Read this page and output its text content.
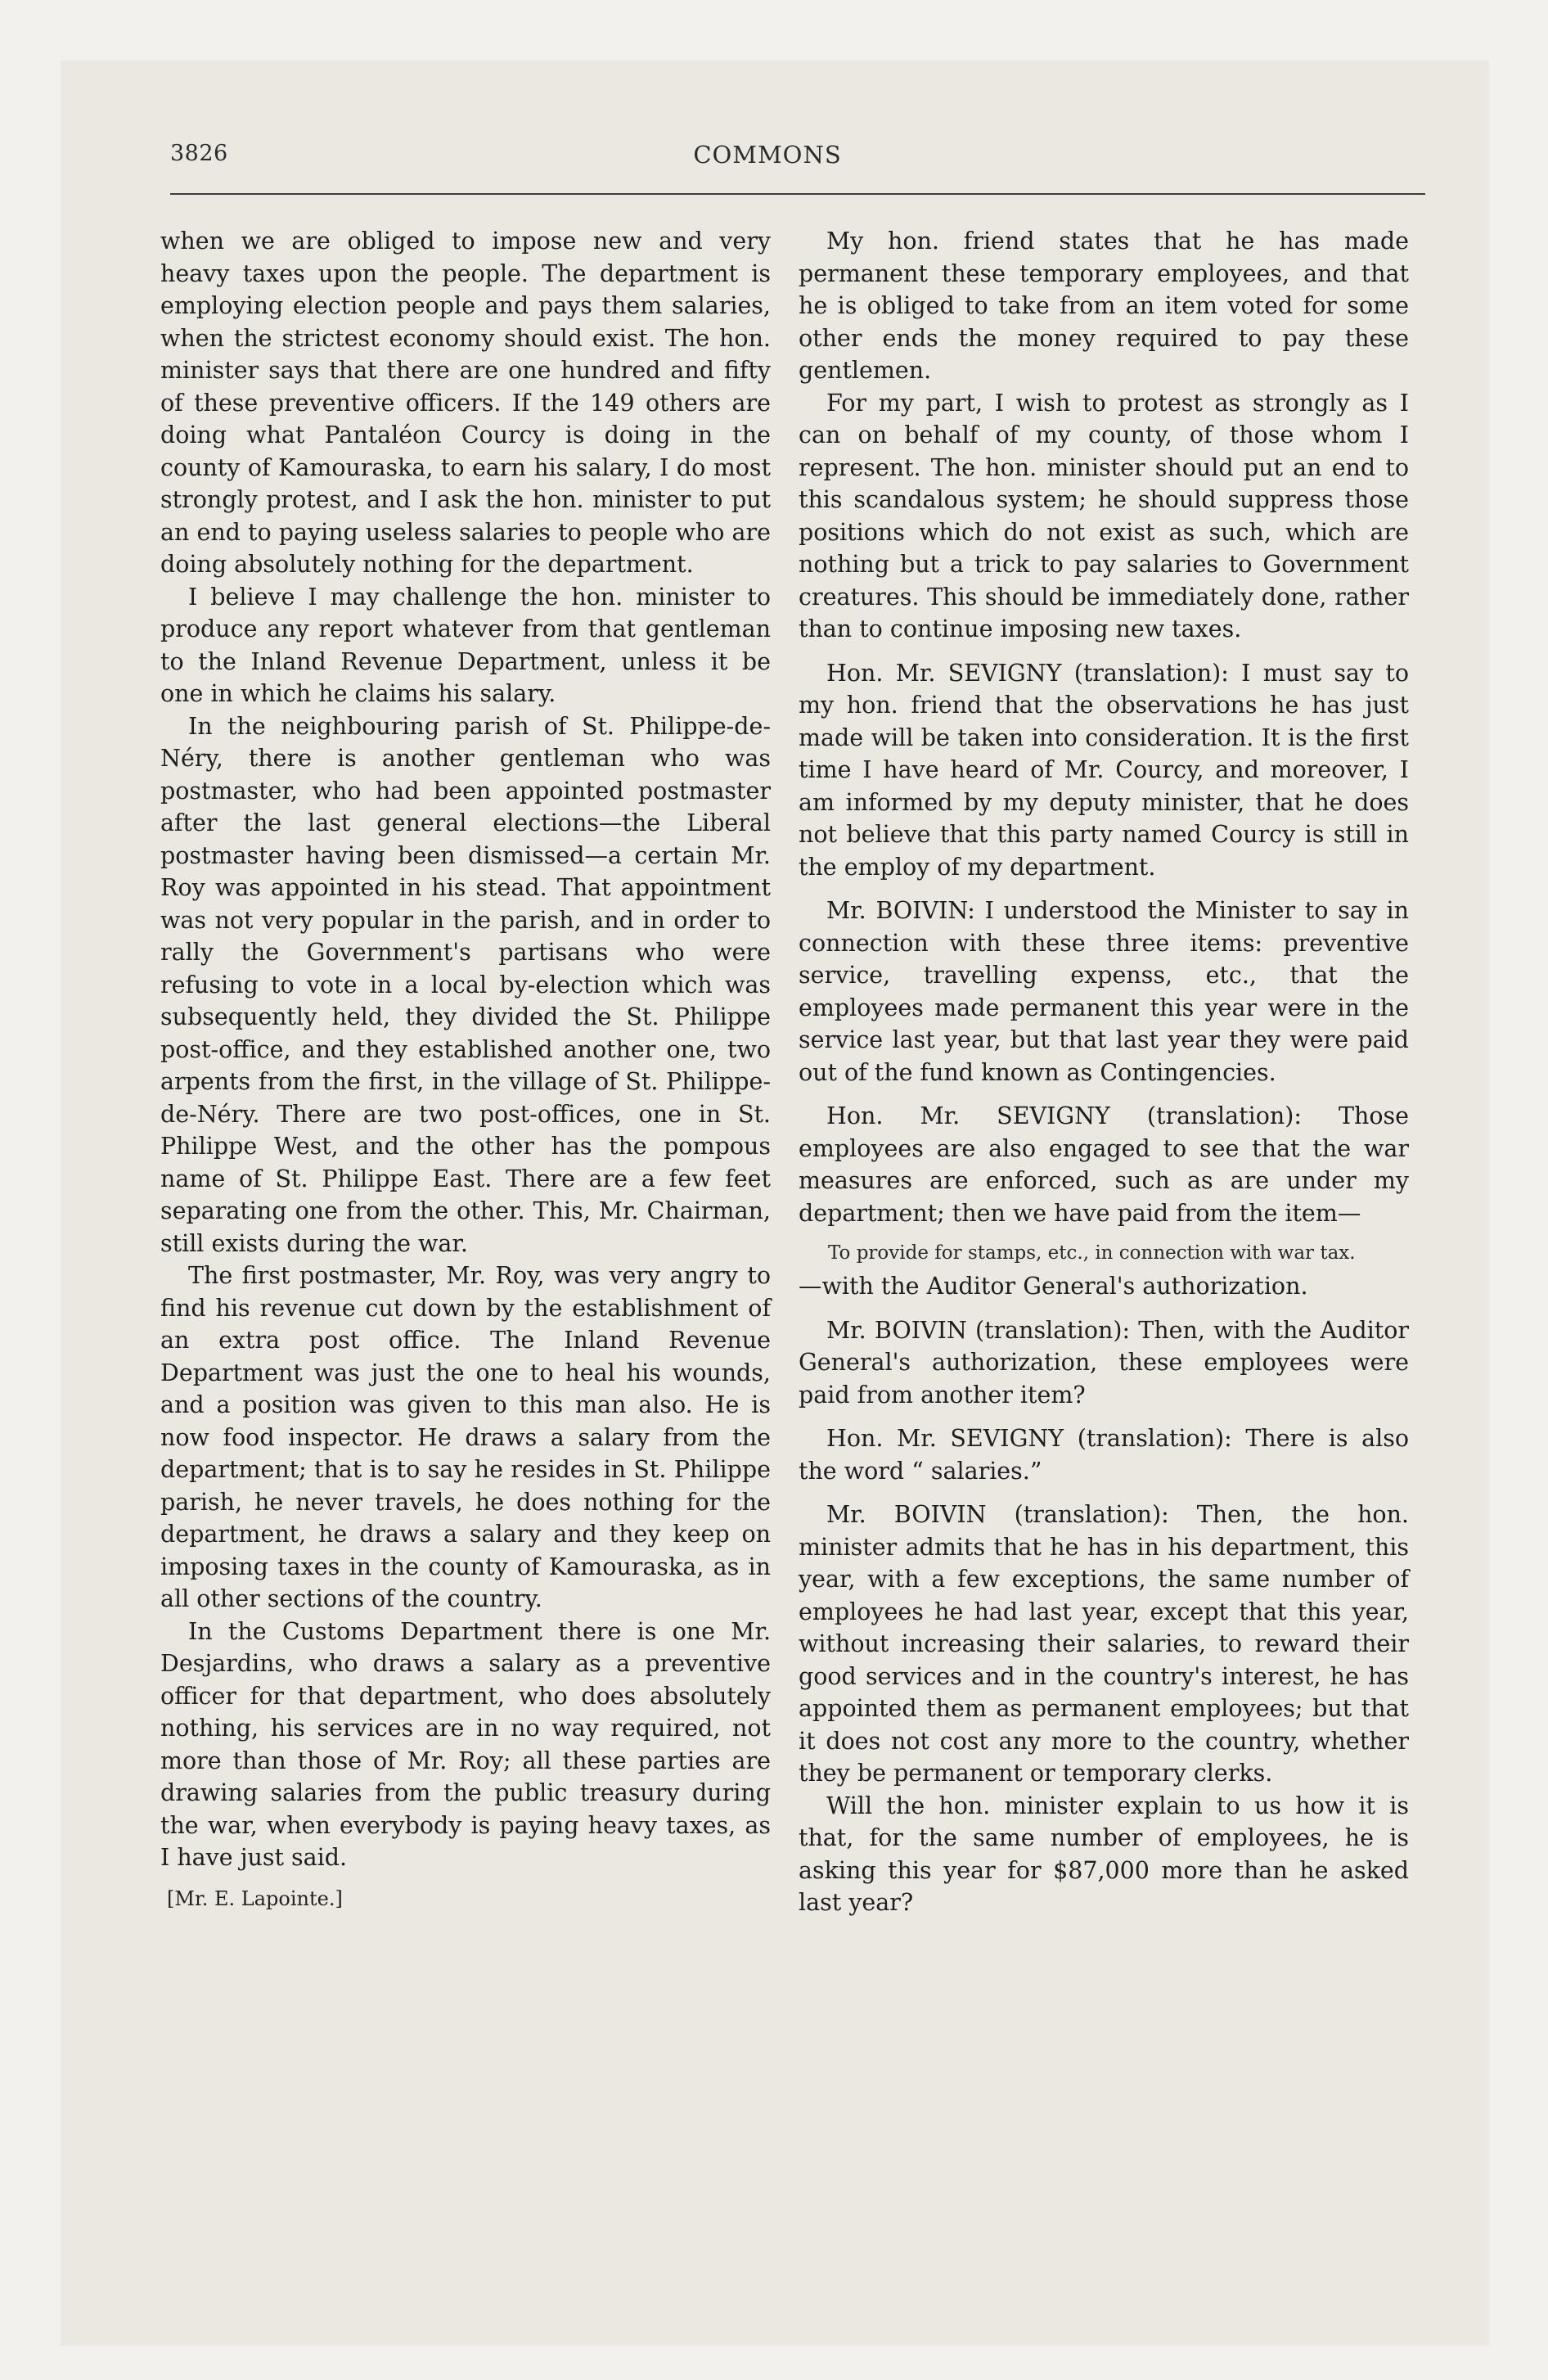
3826	COMMONS

when we are obliged to impose new and very heavy taxes upon the people. The department is employing election people and pays them salaries, when the strictest economy should exist. The hon. minister says that there are one hundred and fifty of these preventive officers. If the 149 others are doing what Pantaléon Courcy is doing in the county of Kamouraska, to earn his salary, I do most strongly protest, and I ask the hon. minister to put an end to paying useless salaries to people who are doing absolutely nothing for the department.

I believe I may challenge the hon. minister to produce any report whatever from that gentleman to the Inland Revenue Department, unless it be one in which he claims his salary.

In the neighbouring parish of St. Philippe-de-Néry, there is another gentleman who was postmaster, who had been appointed postmaster after the last general elections—the Liberal postmaster having been dismissed—a certain Mr. Roy was appointed in his stead. That appointment was not very popular in the parish, and in order to rally the Government's partisans who were refusing to vote in a local by-election which was subsequently held, they divided the St. Philippe post-office, and they established another one, two arpents from the first, in the village of St. Philippe-de-Néry. There are two post-offices, one in St. Philippe West, and the other has the pompous name of St. Philippe East. There are a few feet separating one from the other. This, Mr. Chairman, still exists during the war.

The first postmaster, Mr. Roy, was very angry to find his revenue cut down by the establishment of an extra post office. The Inland Revenue Department was just the one to heal his wounds, and a position was given to this man also. He is now food inspector. He draws a salary from the department; that is to say he resides in St. Philippe parish, he never travels, he does nothing for the department, he draws a salary and they keep on imposing taxes in the county of Kamouraska, as in all other sections of the country.

In the Customs Department there is one Mr. Desjardins, who draws a salary as a preventive officer for that department, who does absolutely nothing, his services are in no way required, not more than those of Mr. Roy; all these parties are drawing salaries from the public treasury during the war, when everybody is paying heavy taxes, as I have just said.

[Mr. E. Lapointe.]

My hon. friend states that he has made permanent these temporary employees, and that he is obliged to take from an item voted for some other ends the money required to pay these gentlemen.

For my part, I wish to protest as strongly as I can on behalf of my county, of those whom I represent. The hon. minister should put an end to this scandalous system; he should suppress those positions which do not exist as such, which are nothing but a trick to pay salaries to Government creatures. This should be immediately done, rather than to continue imposing new taxes.

Hon. Mr. SEVIGNY (translation): I must say to my hon. friend that the observations he has just made will be taken into consideration. It is the first time I have heard of Mr. Courcy, and moreover, I am informed by my deputy minister, that he does not believe that this party named Courcy is still in the employ of my department.

Mr. BOIVIN: I understood the Minister to say in connection with these three items: preventive service, travelling expenss, etc., that the employees made permanent this year were in the service last year, but that last year they were paid out of the fund known as Contingencies.

Hon. Mr. SEVIGNY (translation): Those employees are also engaged to see that the war measures are enforced, such as are under my department; then we have paid from the item—

To provide for stamps, etc., in connection with war tax.

—with the Auditor General's authorization.

Mr. BOIVIN (translation): Then, with the Auditor General's authorization, these employees were paid from another item?

Hon. Mr. SEVIGNY (translation): There is also the word “ salaries.”

Mr. BOIVIN (translation): Then, the hon. minister admits that he has in his department, this year, with a few exceptions, the same number of employees he had last year, except that this year, without increasing their salaries, to reward their good services and in the country's interest, he has appointed them as permanent employees; but that it does not cost any more to the country, whether they be permanent or temporary clerks.

Will the hon. minister explain to us how it is that, for the same number of employees, he is asking this year for $87,000 more than he asked last year?
